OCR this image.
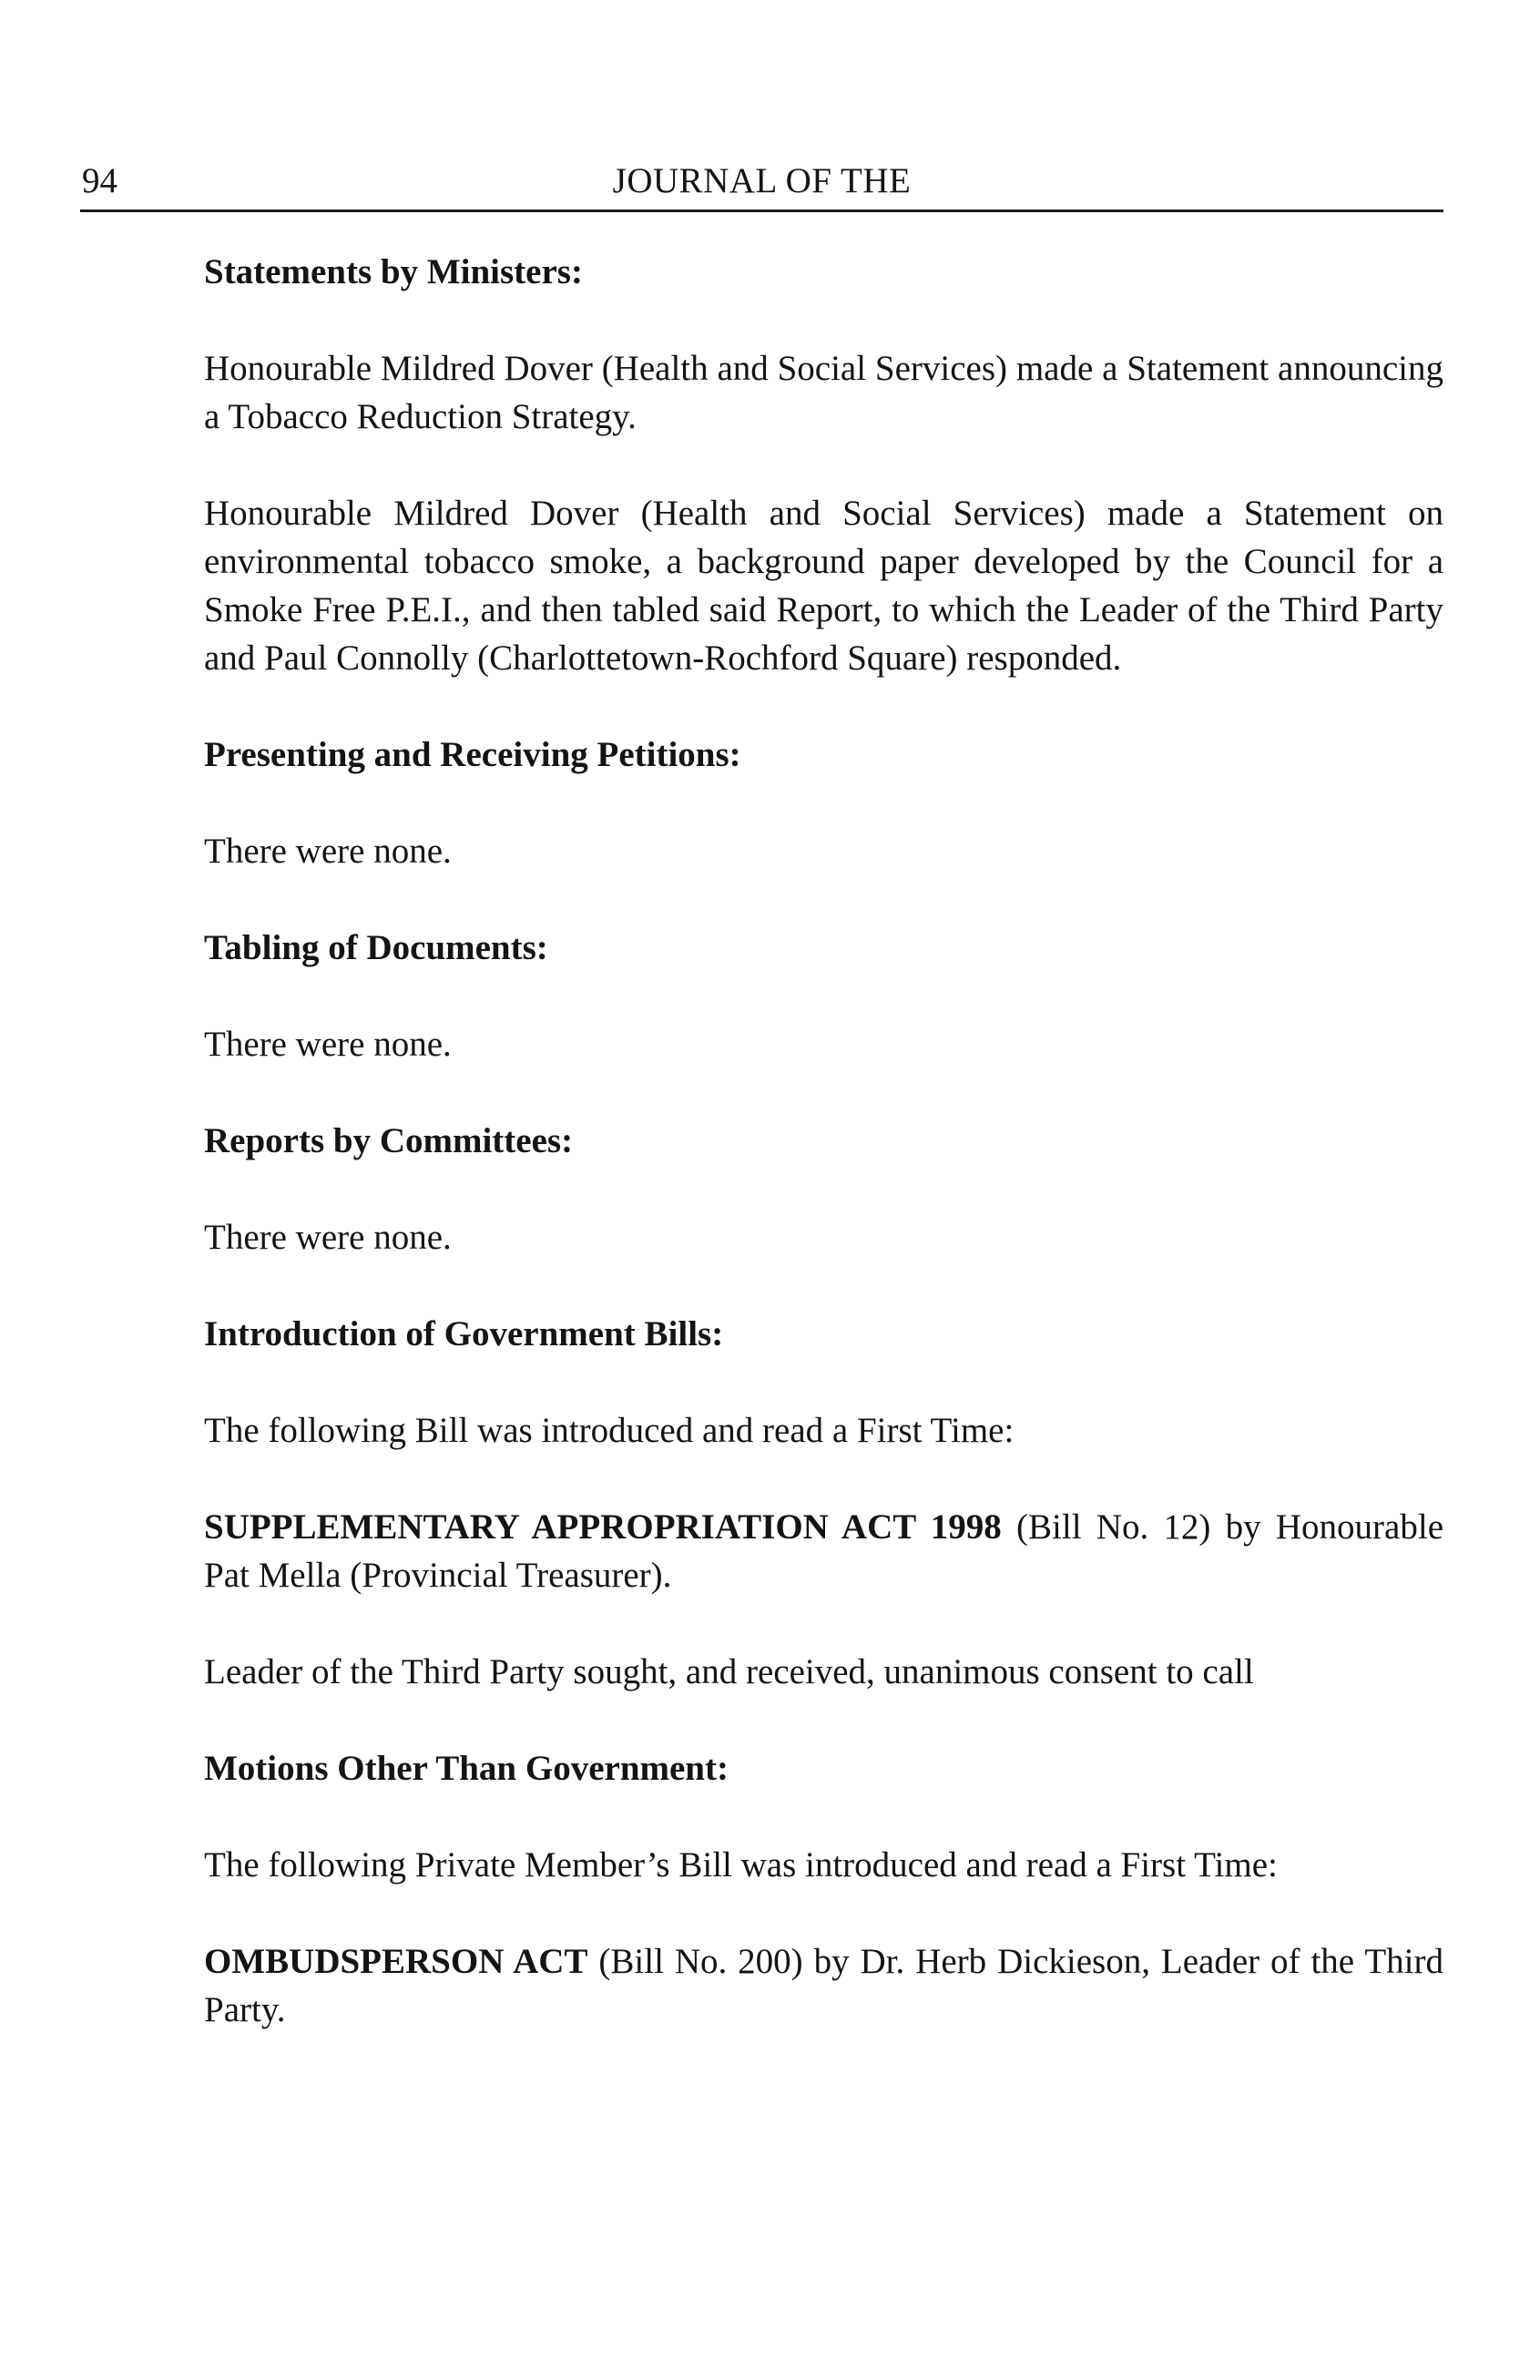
94	JOURNAL OF THE
Statements by Ministers:

Honourable Mildred Dover (Health and Social Services) made a Statement announcing a Tobacco Reduction Strategy.

Honourable Mildred Dover (Health and Social Services) made a Statement on environmental tobacco smoke, a background paper developed by the Council for a Smoke Free P.E.I., and then tabled said Report, to which the Leader of the Third Party and Paul Connolly (Charlottetown-Rochford Square) responded.

Presenting and Receiving Petitions:

There were none.

Tabling of Documents:

There were none.

Reports by Committees:

There were none.

Introduction of Government Bills:

The following Bill was introduced and read a First Time:

SUPPLEMENTARY APPROPRIATION ACT 1998 (Bill No. 12) by Honourable Pat Mella (Provincial Treasurer).

Leader of the Third Party sought, and received, unanimous consent to call

Motions Other Than Government:

The following Private Member’s Bill was introduced and read a First Time:

OMBUDSPERSON ACT (Bill No. 200) by Dr. Herb Dickieson, Leader of the Third Party.
